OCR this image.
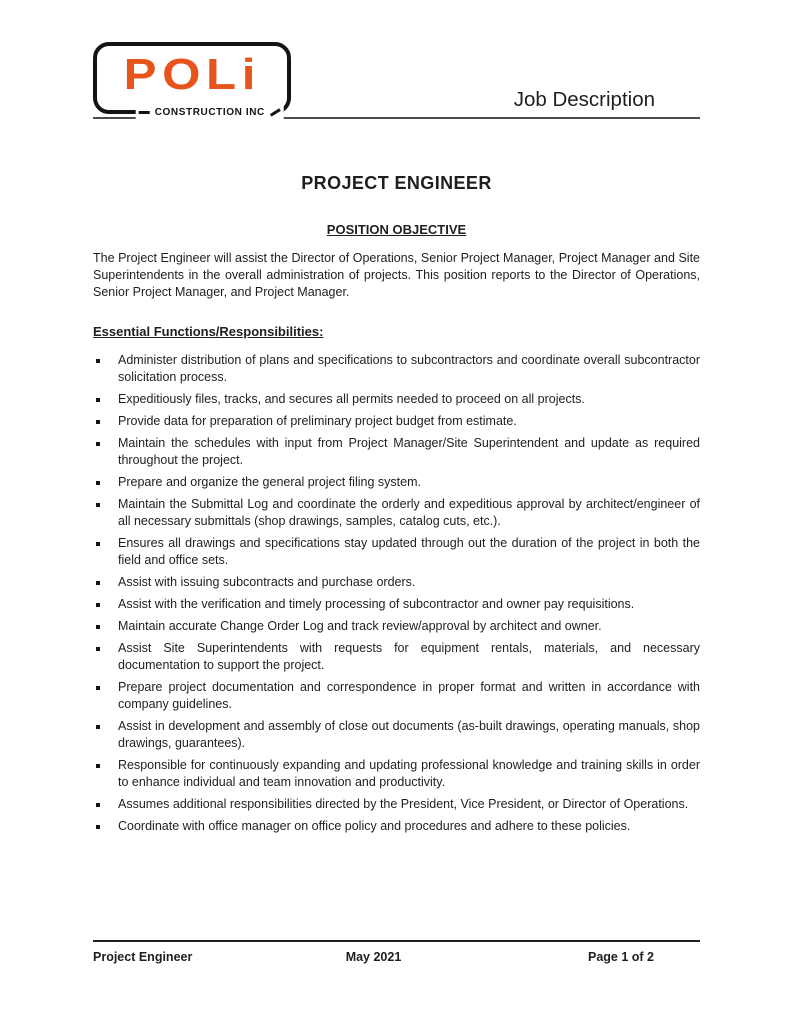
POLi
CONSTRUCTION INC
Job Description
PROJECT ENGINEER
POSITION OBJECTIVE

The Project Engineer will assist the Director of Operations, Senior Project Manager, Project Manager and Site Superintendents in the overall administration of projects. This position reports to the Director of Operations, Senior Project Manager, and Project Manager.

Essential Functions/Responsibilities:
Administer distribution of plans and specifications to subcontractors and coordinate overall subcontractor solicitation process.
Expeditiously files, tracks, and secures all permits needed to proceed on all projects.
Provide data for preparation of preliminary project budget from estimate.
Maintain the schedules with input from Project Manager/Site Superintendent and update as required throughout the project.
Prepare and organize the general project filing system.
Maintain the Submittal Log and coordinate the orderly and expeditious approval by architect/engineer of all necessary submittals (shop drawings, samples, catalog cuts, etc.).
Ensures all drawings and specifications stay updated through out the duration of the project in both the field and office sets.
Assist with issuing subcontracts and purchase orders.
Assist with the verification and timely processing of subcontractor and owner pay requisitions.
Maintain accurate Change Order Log and track review/approval by architect and owner.
Assist Site Superintendents with requests for equipment rentals, materials, and necessary documentation to support the project.
Prepare project documentation and correspondence in proper format and written in accordance with company guidelines.
Assist in development and assembly of close out documents (as-built drawings, operating manuals, shop drawings, guarantees).
Responsible for continuously expanding and updating professional knowledge and training skills in order to enhance individual and team innovation and productivity.
Assumes additional responsibilities directed by the President, Vice President, or Director of Operations.
Coordinate with office manager on office policy and procedures and adhere to these policies.
Project Engineer	May 2021	Page 1 of 2
